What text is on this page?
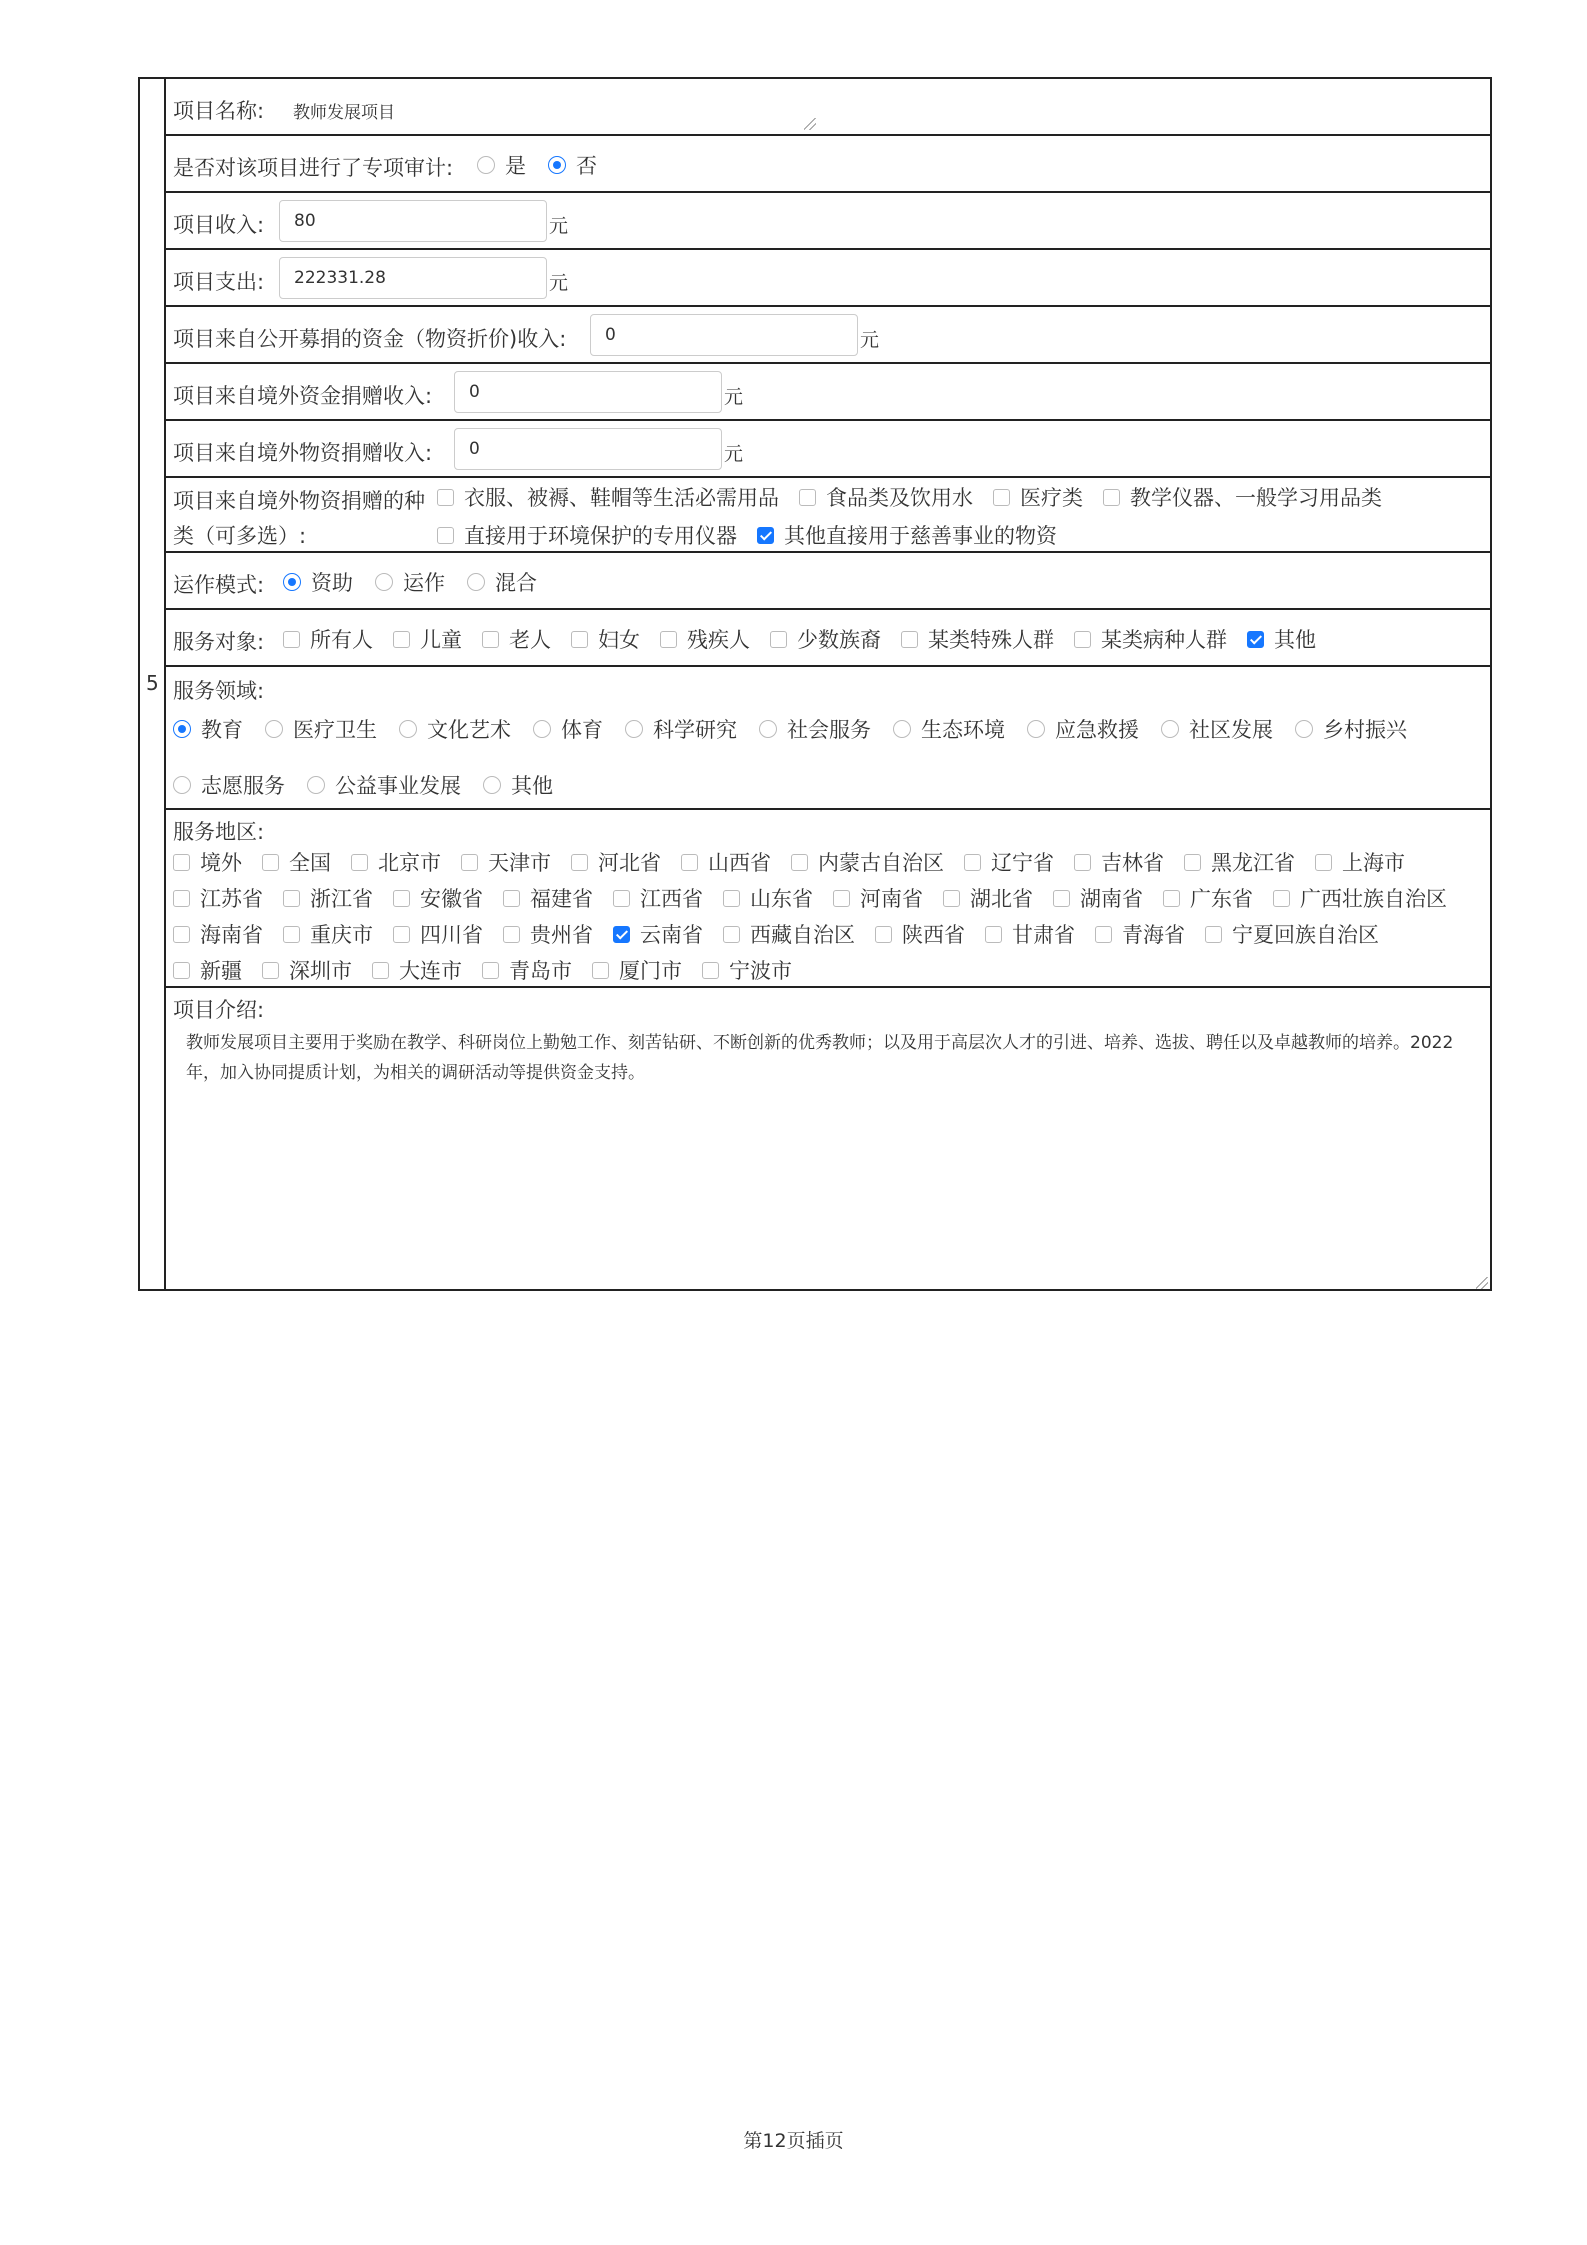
5
项目名称: 教师发展项目
是否对该项目进行了专项审计: 是 否
项目收入:	80	元
项目支出:	222331.28	元
项目来自公开募捐的资金（物资折价)收入:	0	元
项目来自境外资金捐赠收入:	0	元
项目来自境外物资捐赠收入:	0	元
项目来自境外物资捐赠的种
类（可多选）:
衣服、被褥、鞋帽等生活必需用品 食品类及饮用水 医疗类 教学仪器、一般学习用品类
直接用于环境保护的专用仪器 其他直接用于慈善事业的物资
运作模式: 资助 运作 混合
服务对象: 所有人 儿童 老人 妇女 残疾人 少数族裔 某类特殊人群 某类病种人群 其他
服务领域:
教育 医疗卫生 文化艺术 体育 科学研究 社会服务 生态环境 应急救援 社区发展 乡村振兴
志愿服务 公益事业发展 其他
服务地区:
境外 全国 北京市 天津市 河北省 山西省 内蒙古自治区 辽宁省 吉林省 黑龙江省 上海市
江苏省 浙江省 安徽省 福建省 江西省 山东省 河南省 湖北省 湖南省 广东省 广西壮族自治区
海南省 重庆市 四川省 贵州省 云南省 西藏自治区 陕西省 甘肃省 青海省 宁夏回族自治区
新疆 深圳市 大连市 青岛市 厦门市 宁波市
项目介绍:
教师发展项目主要用于奖励在教学、科研岗位上勤勉工作、刻苦钻研、不断创新的优秀教师；以及用于高层次人才的引进、培养、选拔、聘任以及卓越教师的培养。2022年，加入协同提质计划，为相关的调研活动等提供资金支持。
第12页插页
